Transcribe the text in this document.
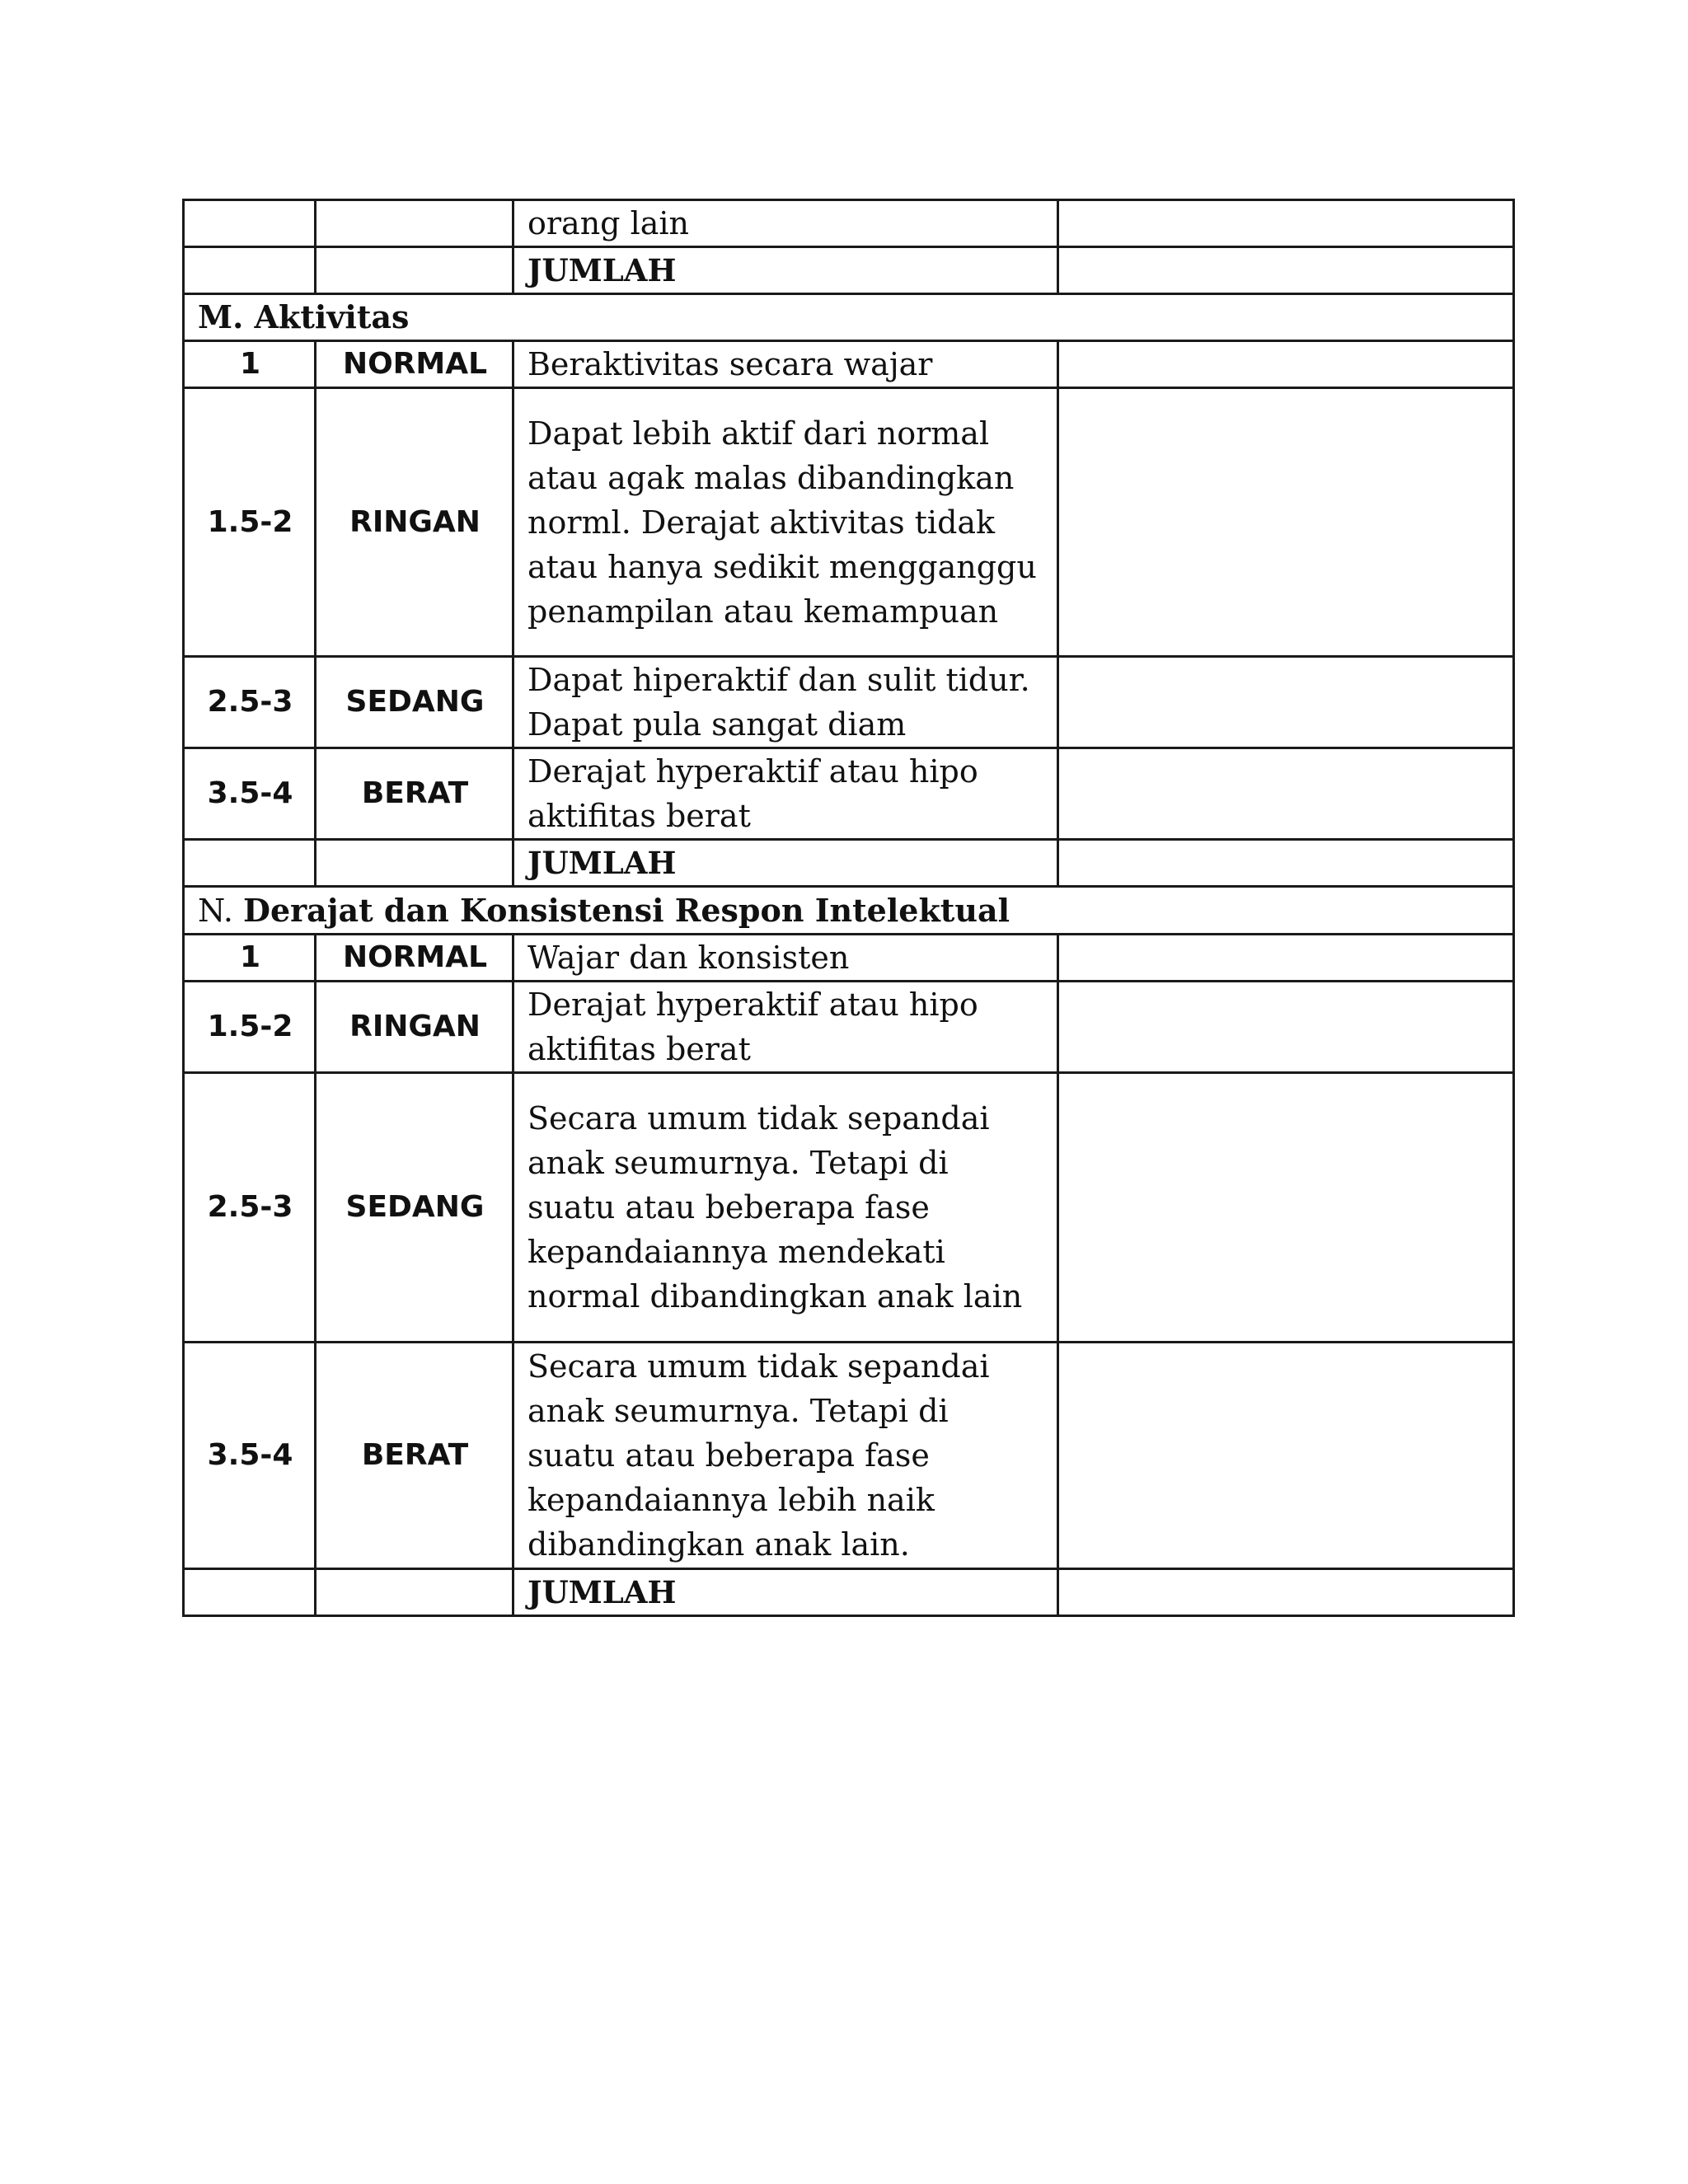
		orang lain	
		JUMLAH	
M. Aktivitas			
1	NORMAL	Beraktivitas secara wajar	
1.5-2	RINGAN	Dapat lebih aktif dari normal atau agak malas dibandingkan norml. Derajat aktivitas tidak atau hanya sedikit mengganggu penampilan atau kemampuan	
2.5-3	SEDANG	Dapat hiperaktif dan sulit tidur. Dapat pula sangat diam	
3.5-4	BERAT	Derajat hyperaktif atau hipo aktifitas berat	
		JUMLAH	
N. Derajat dan Konsistensi Respon Intelektual			
1	NORMAL	Wajar dan konsisten	
1.5-2	RINGAN	Derajat hyperaktif atau hipo aktifitas berat	
2.5-3	SEDANG	Secara umum tidak sepandai anak seumurnya. Tetapi di suatu atau beberapa fase kepandaiannya mendekati normal dibandingkan anak lain	
3.5-4	BERAT	Secara umum tidak sepandai anak seumurnya. Tetapi di suatu atau beberapa fase kepandaiannya lebih naik dibandingkan anak lain.	
		JUMLAH	
